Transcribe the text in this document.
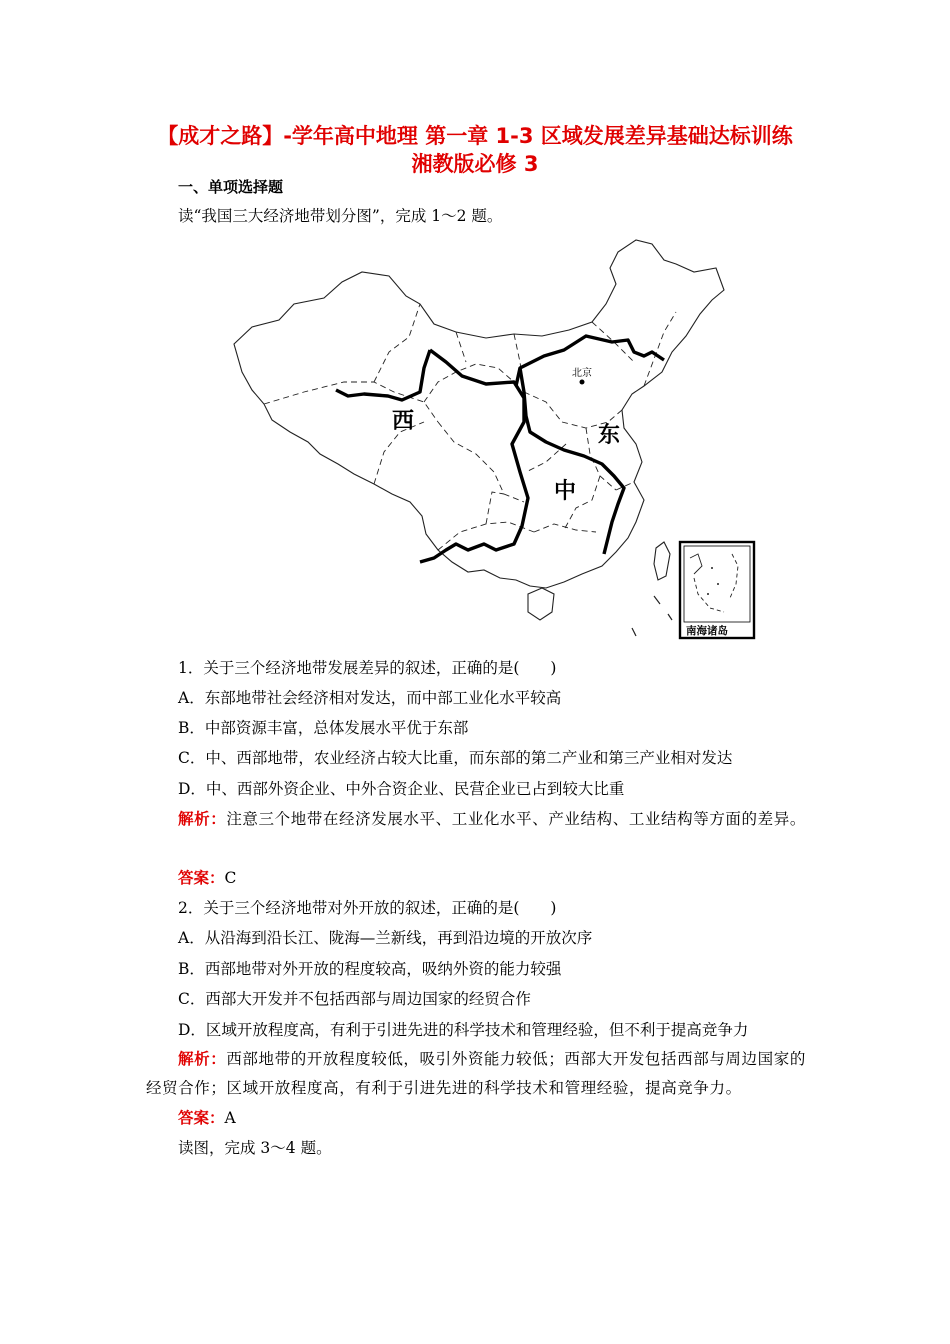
【成才之路】-学年高中地理 第一章 1-3 区域发展差异基础达标训练
湘教版必修 3
一、单项选择题
读“我国三大经济地带划分图”，完成 1～2 题。
西
中
东
北京
南海诸岛
1．关于三个经济地带发展差异的叙述，正确的是(　　)
A．东部地带社会经济相对发达，而中部工业化水平较高
B．中部资源丰富，总体发展水平优于东部
C．中、西部地带，农业经济占较大比重，而东部的第二产业和第三产业相对发达
D．中、西部外资企业、中外合资企业、民营企业已占到较大比重
解析：注意三个地带在经济发展水平、工业化水平、产业结构、工业结构等方面的差异。
答案：C
2．关于三个经济地带对外开放的叙述，正确的是(　　)
A．从沿海到沿长江、陇海—兰新线，再到沿边境的开放次序
B．西部地带对外开放的程度较高，吸纳外资的能力较强
C．西部大开发并不包括西部与周边国家的经贸合作
D．区域开放程度高，有利于引进先进的科学技术和管理经验，但不利于提高竞争力
解析：西部地带的开放程度较低，吸引外资能力较低；西部大开发包括西部与周边国家的经贸合作；区域开放程度高，有利于引进先进的科学技术和管理经验，提高竞争力。
答案：A
读图，完成 3～4 题。
